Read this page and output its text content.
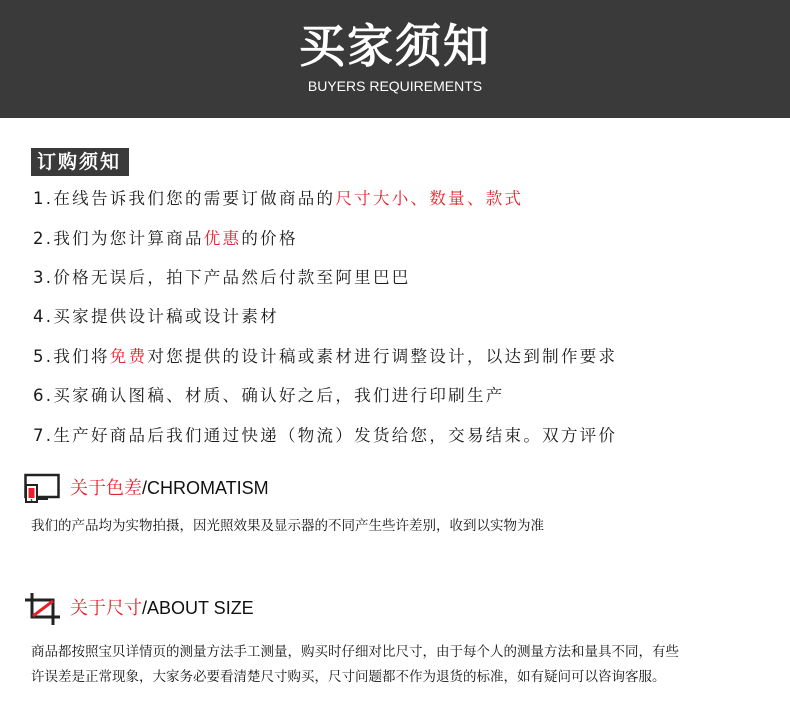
买家须知
BUYERS REQUIREMENTS
订购须知
1.在线告诉我们您的需要订做商品的尺寸大小、数量、款式
2.我们为您计算商品优惠的价格
3.价格无误后，拍下产品然后付款至阿里巴巴
4.买家提供设计稿或设计素材
5.我们将免费对您提供的设计稿或素材进行调整设计，以达到制作要求
6.买家确认图稿、材质、确认好之后，我们进行印刷生产
7.生产好商品后我们通过快递（物流）发货给您，交易结束。双方评价
关于色差/CHROMATISM
我们的产品均为实物拍摄，因光照效果及显示器的不同产生些许差别，收到以实物为准
关于尺寸/ABOUT SIZE
商品都按照宝贝详情页的测量方法手工测量，购买时仔细对比尺寸，由于每个人的测量方法和量具不同，有些
许误差是正常现象，大家务必要看清楚尺寸购买，尺寸问题都不作为退货的标准，如有疑问可以咨询客服。
